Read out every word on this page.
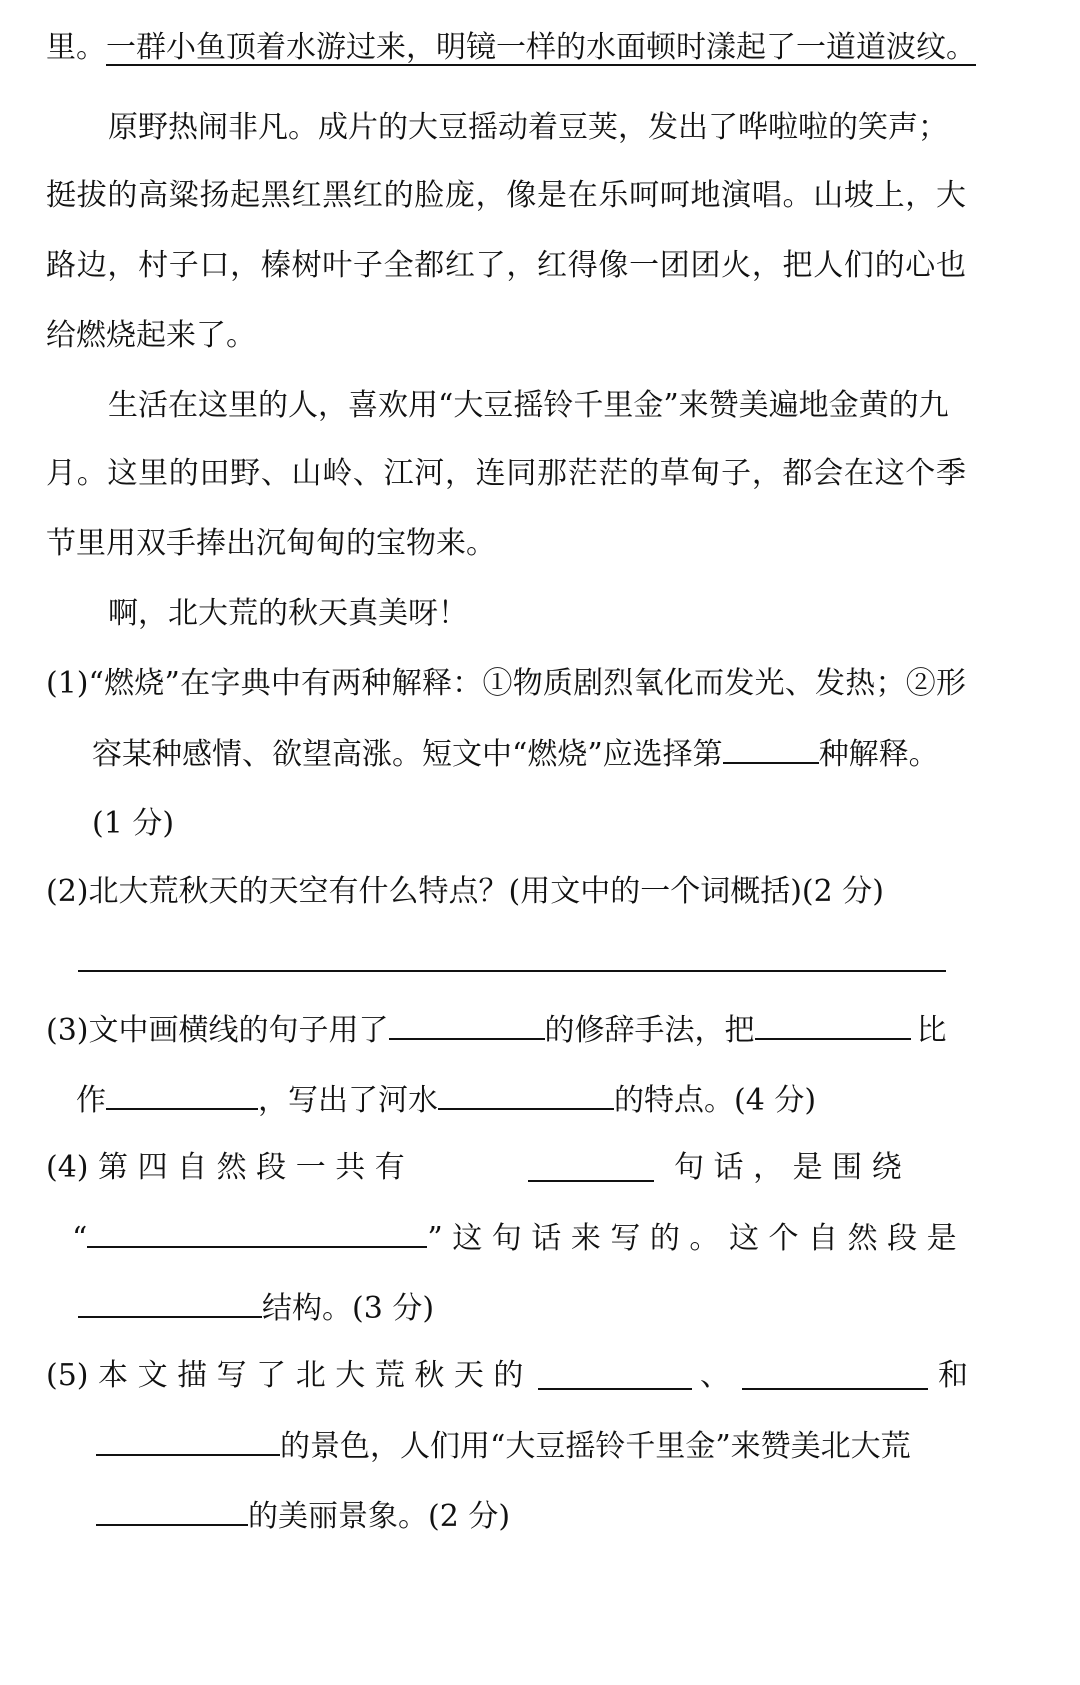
里。一群小鱼顶着水游过来，明镜一样的水面顿时漾起了一道道波纹。
原野热闹非凡。成片的大豆摇动着豆荚，发出了哗啦啦的笑声；
挺拔的高粱扬起黑红黑红的脸庞，像是在乐呵呵地演唱。山坡上，大
路边，村子口，榛树叶子全都红了，红得像一团团火，把人们的心也
给燃烧起来了。
生活在这里的人，喜欢用“大豆摇铃千里金”来赞美遍地金黄的九
月。这里的田野、山岭、江河，连同那茫茫的草甸子，都会在这个季
节里用双手捧出沉甸甸的宝物来。
啊，北大荒的秋天真美呀！
(1)“燃烧”在字典中有两种解释：①物质剧烈氧化而发光、发热；②形
容某种感情、欲望高涨。短文中“燃烧”应选择第	种解释。
(1 分)
(2)北大荒秋天的天空有什么特点？(用文中的一个词概括)(2 分)
(3)文中画横线的句子用了	的修辞手法，把	比
作	，写出了河水	的特点。(4 分)
(4) 第 四 自 然 段 一 共 有	句 话 ， 是 围 绕
“	” 这 句 话 来 写 的 。 这 个 自 然 段 是
结构。(3 分)
(5) 本 文 描 写 了 北 大 荒 秋 天 的	、	和
的景色，人们用“大豆摇铃千里金”来赞美北大荒
的美丽景象。(2 分)
